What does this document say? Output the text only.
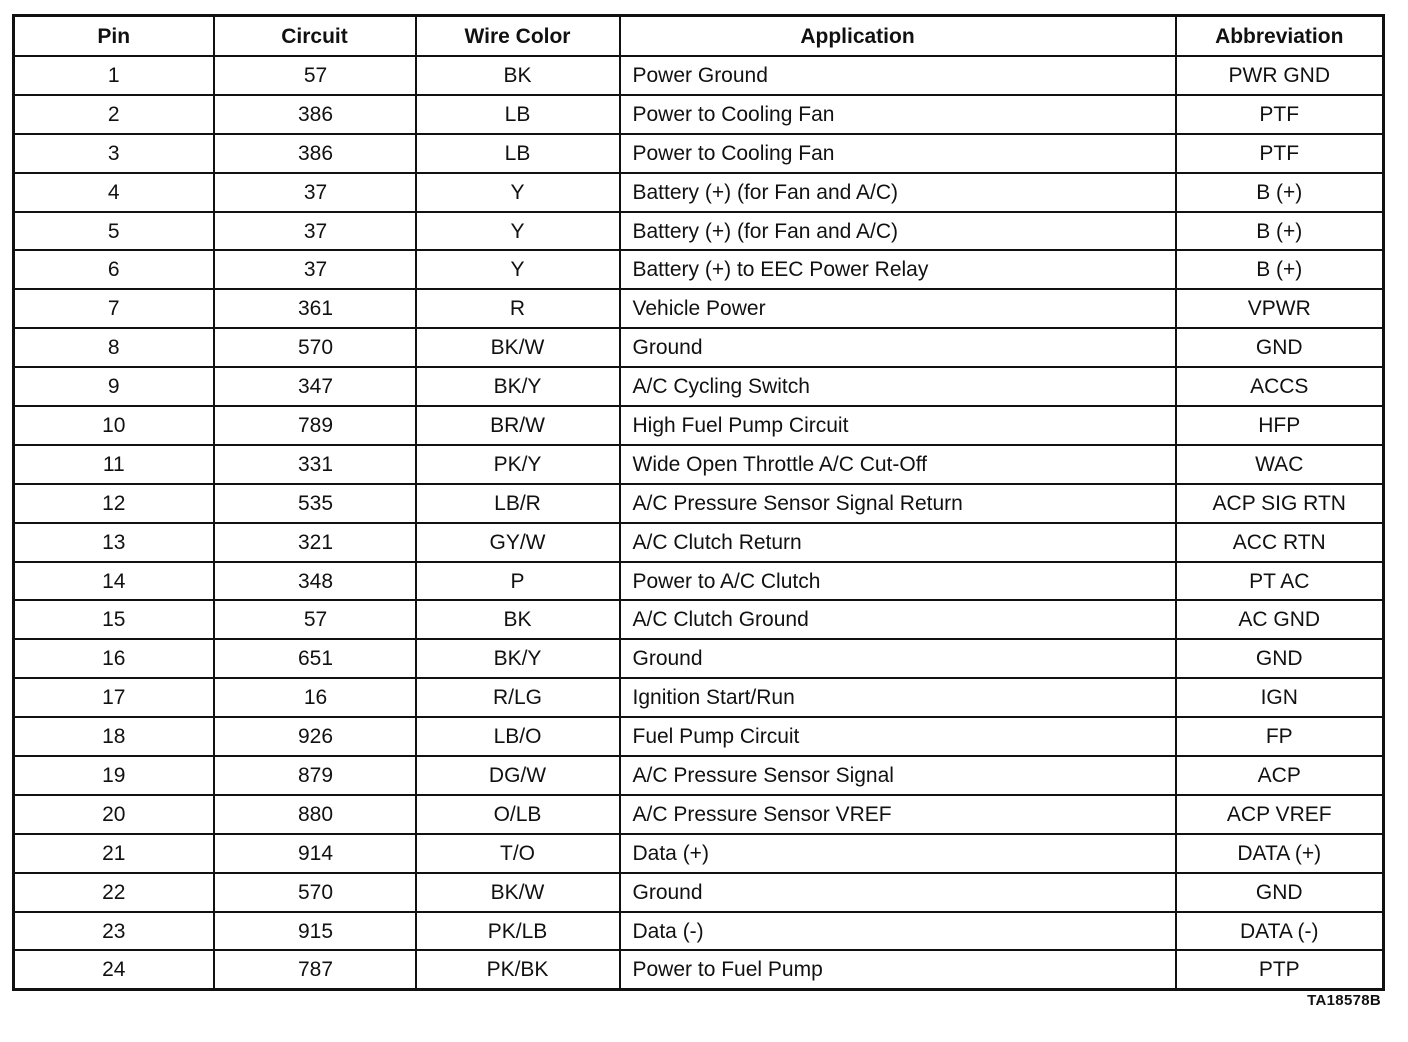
Pin	Circuit	Wire Color	Application	Abbreviation
1	57	BK	Power Ground	PWR GND
2	386	LB	Power to Cooling Fan	PTF
3	386	LB	Power to Cooling Fan	PTF
4	37	Y	Battery (+) (for Fan and A/C)	B (+)
5	37	Y	Battery (+) (for Fan and A/C)	B (+)
6	37	Y	Battery (+) to EEC Power Relay	B (+)
7	361	R	Vehicle Power	VPWR
8	570	BK/W	Ground	GND
9	347	BK/Y	A/C Cycling Switch	ACCS
10	789	BR/W	High Fuel Pump Circuit	HFP
11	331	PK/Y	Wide Open Throttle A/C Cut-Off	WAC
12	535	LB/R	A/C Pressure Sensor Signal Return	ACP SIG RTN
13	321	GY/W	A/C Clutch Return	ACC RTN
14	348	P	Power to A/C Clutch	PT AC
15	57	BK	A/C Clutch Ground	AC GND
16	651	BK/Y	Ground	GND
17	16	R/LG	Ignition Start/Run	IGN
18	926	LB/O	Fuel Pump Circuit	FP
19	879	DG/W	A/C Pressure Sensor Signal	ACP
20	880	O/LB	A/C Pressure Sensor VREF	ACP VREF
21	914	T/O	Data (+)	DATA (+)
22	570	BK/W	Ground	GND
23	915	PK/LB	Data (-)	DATA (-)
24	787	PK/BK	Power to Fuel Pump	PTP
TA18578B
